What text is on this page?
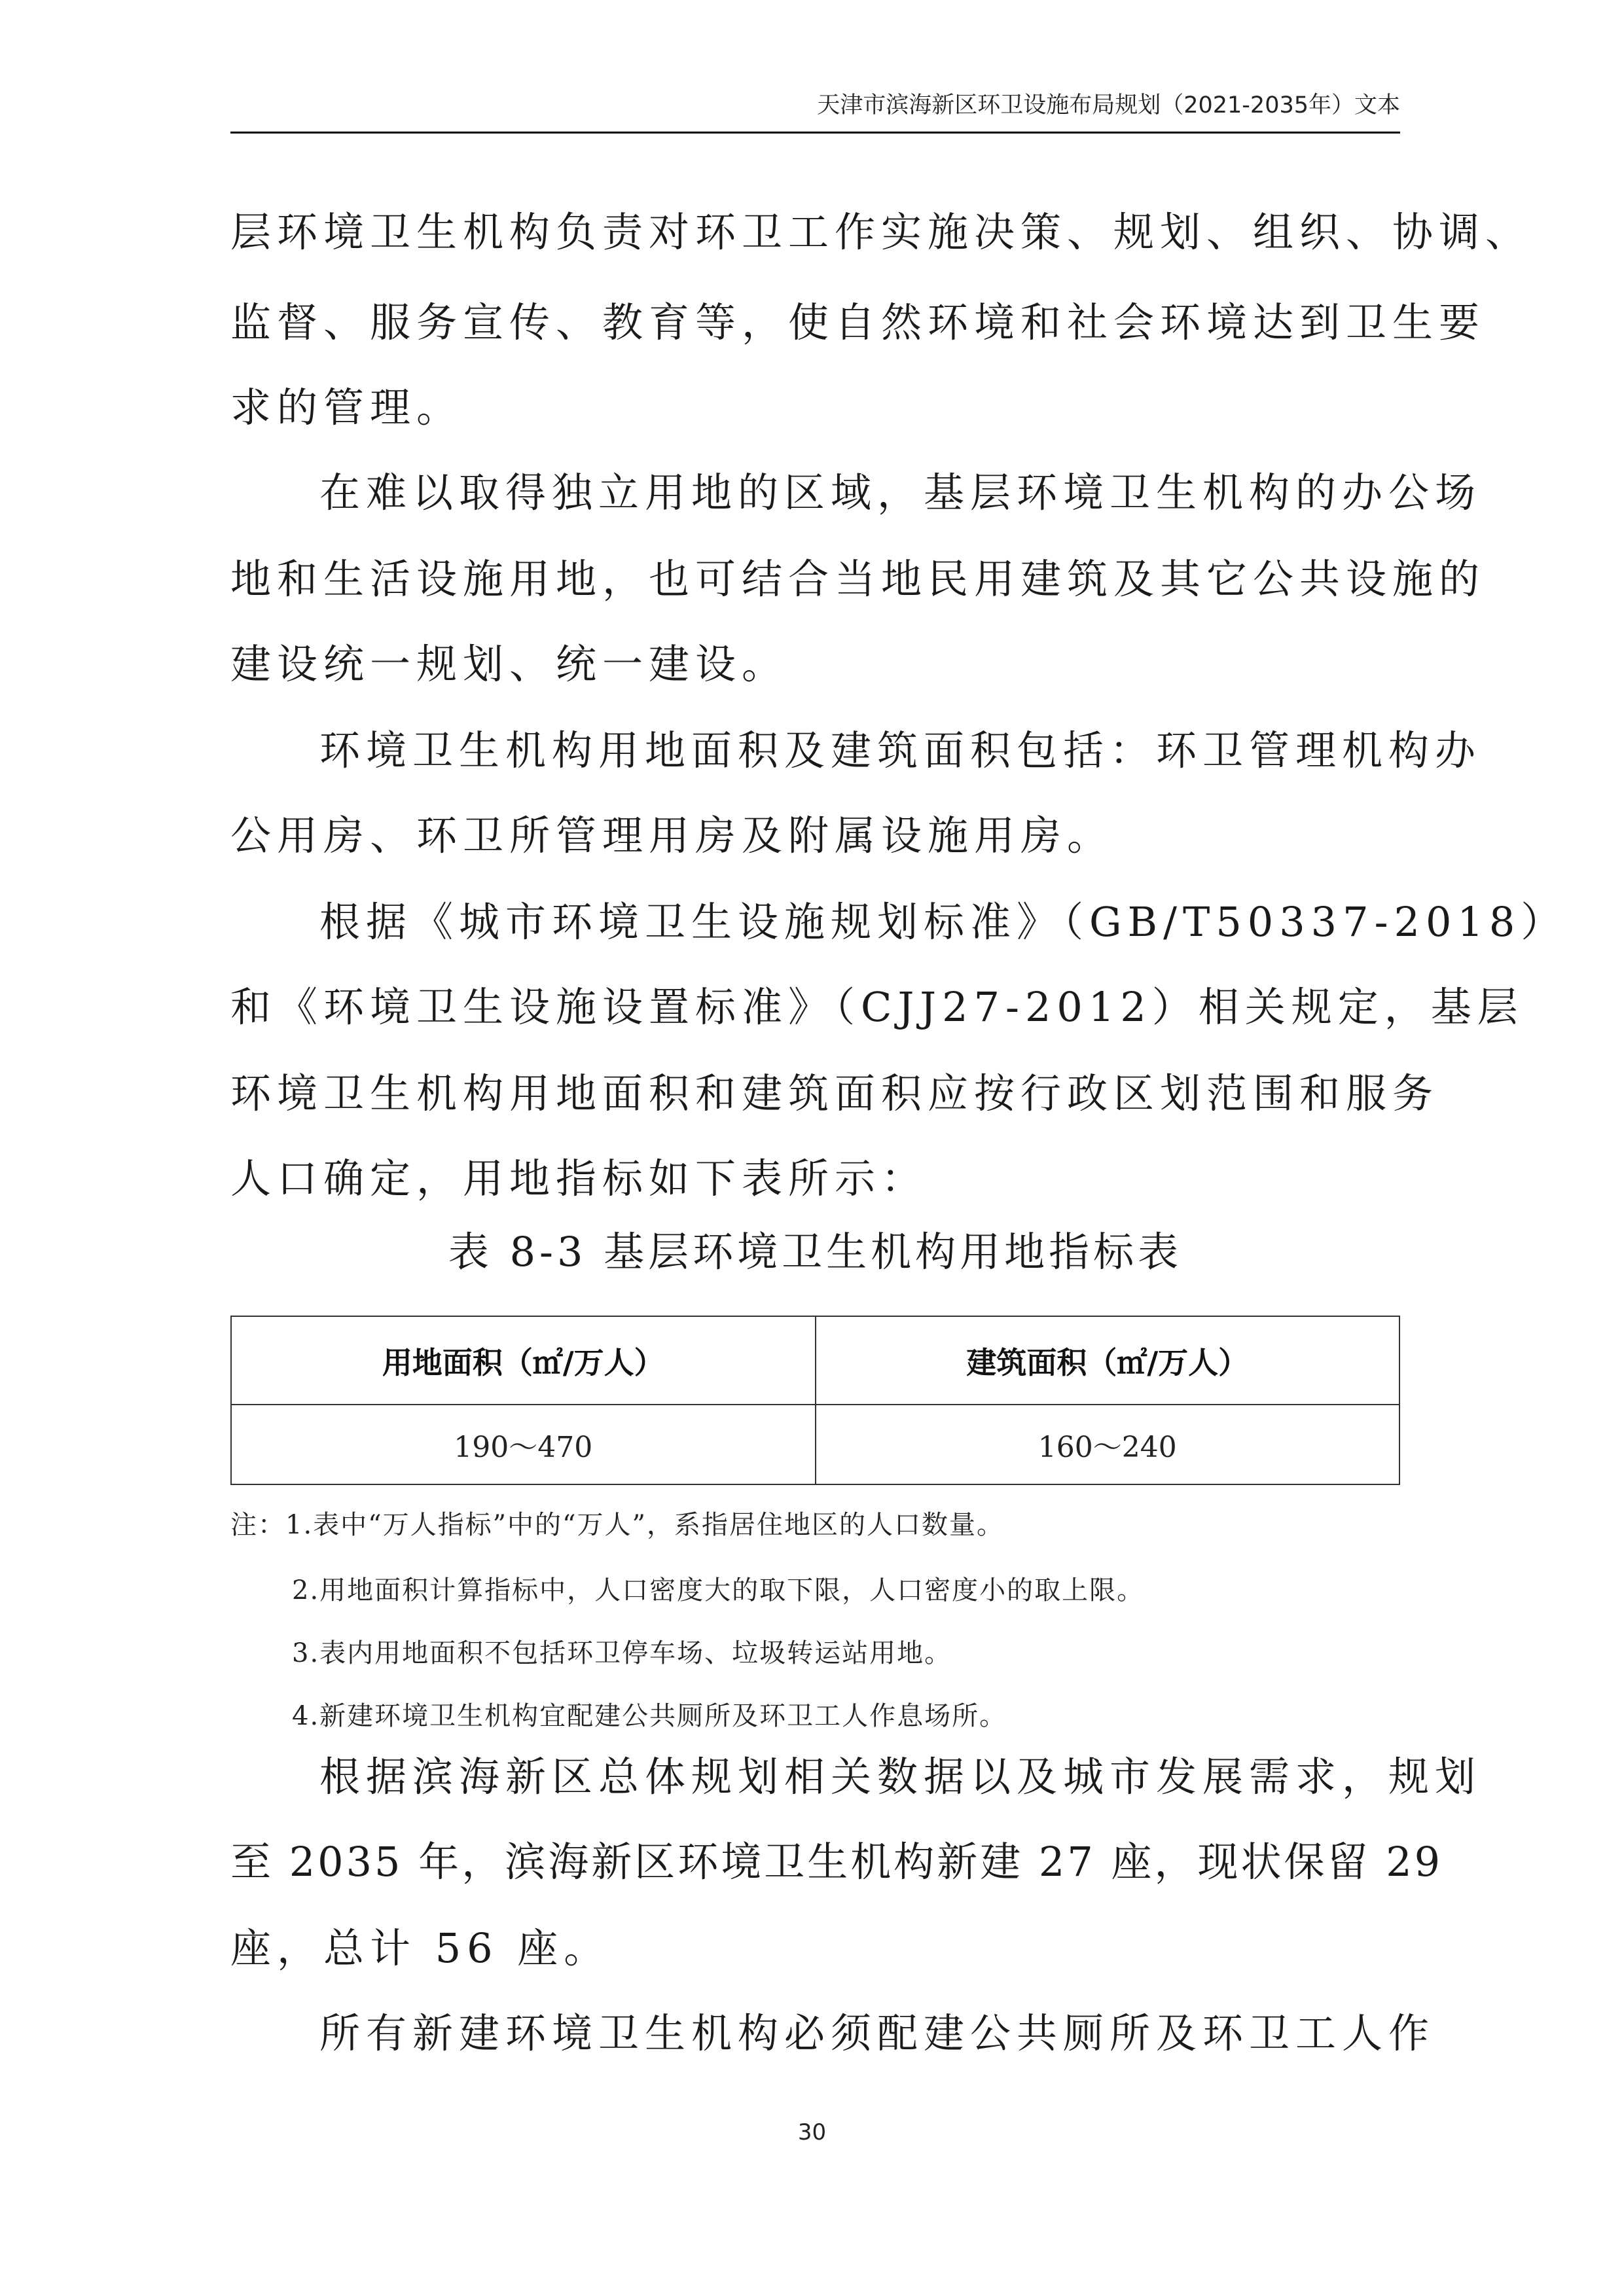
天津市滨海新区环卫设施布局规划（2021-2035年）文本
层环境卫生机构负责对环卫工作实施决策、规划、组织、协调、
监督、服务宣传、教育等，使自然环境和社会环境达到卫生要
求的管理。
在难以取得独立用地的区域，基层环境卫生机构的办公场
地和生活设施用地，也可结合当地民用建筑及其它公共设施的
建设统一规划、统一建设。
环境卫生机构用地面积及建筑面积包括：环卫管理机构办
公用房、环卫所管理用房及附属设施用房。
根据《城市环境卫生设施规划标准》（GB/T50337-2018）
和《环境卫生设施设置标准》（CJJ27-2012）相关规定，基层
环境卫生机构用地面积和建筑面积应按行政区划范围和服务
人口确定，用地指标如下表所示：
表 8-3 基层环境卫生机构用地指标表
用地面积（㎡/万人）	建筑面积（㎡/万人）
190～470	160～240
注：1.表中“万人指标”中的“万人”，系指居住地区的人口数量。
2.用地面积计算指标中，人口密度大的取下限，人口密度小的取上限。
3.表内用地面积不包括环卫停车场、垃圾转运站用地。
4.新建环境卫生机构宜配建公共厕所及环卫工人作息场所。
根据滨海新区总体规划相关数据以及城市发展需求，规划
至 2035 年，滨海新区环境卫生机构新建 27 座，现状保留 29
座，总计 56 座。
所有新建环境卫生机构必须配建公共厕所及环卫工人作
30
